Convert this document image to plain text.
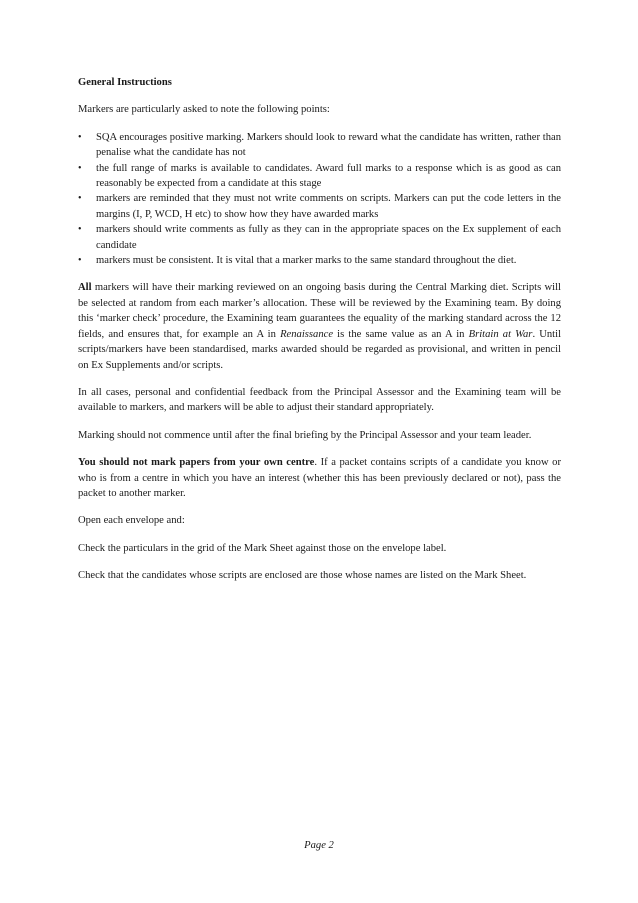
General Instructions

Markers are particularly asked to note the following points:

•	SQA encourages positive marking. Markers should look to reward what the candidate has written, rather than penalise what the candidate has not
•	the full range of marks is available to candidates. Award full marks to a response which is as good as can reasonably be expected from a candidate at this stage
•	markers are reminded that they must not write comments on scripts. Markers can put the code letters in the margins (I, P, WCD, H etc) to show how they have awarded marks
•	markers should write comments as fully as they can in the appropriate spaces on the Ex supplement of each candidate
•	markers must be consistent. It is vital that a marker marks to the same standard throughout the diet.

All markers will have their marking reviewed on an ongoing basis during the Central Marking diet. Scripts will be selected at random from each marker’s allocation. These will be reviewed by the Examining team. By doing this ‘marker check’ procedure, the Examining team guarantees the equality of the marking standard across the 12 fields, and ensures that, for example an A in Renaissance is the same value as an A in Britain at War. Until scripts/markers have been standardised, marks awarded should be regarded as provisional, and written in pencil on Ex Supplements and/or scripts.

In all cases, personal and confidential feedback from the Principal Assessor and the Examining team will be available to markers, and markers will be able to adjust their standard appropriately.

Marking should not commence until after the final briefing by the Principal Assessor and your team leader.

You should not mark papers from your own centre. If a packet contains scripts of a candidate you know or who is from a centre in which you have an interest (whether this has been previously declared or not), pass the packet to another marker.

Open each envelope and:

Check the particulars in the grid of the Mark Sheet against those on the envelope label.

Check that the candidates whose scripts are enclosed are those whose names are listed on the Mark Sheet.

Page 2
